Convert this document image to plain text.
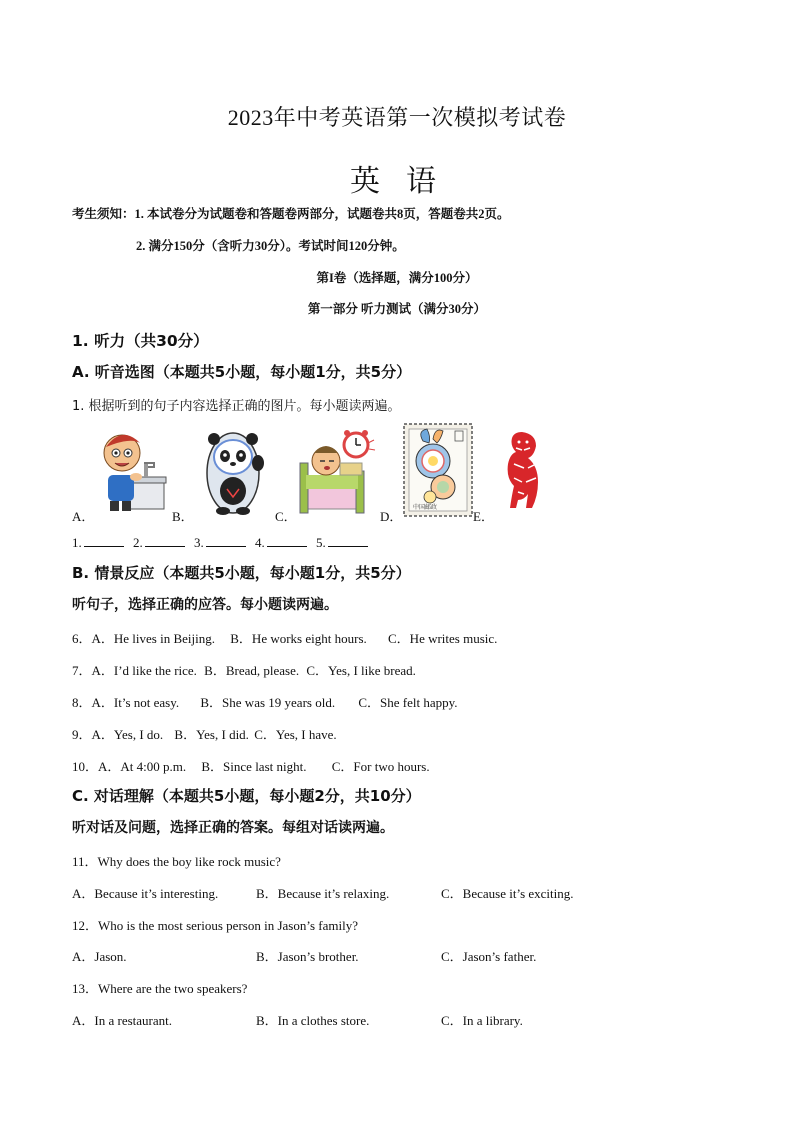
2023年中考英语第一次模拟考试卷
英语
考生须知：1. 本试卷分为试题卷和答题卷两部分，试题卷共8页，答题卷共2页。
2. 满分150分（含听力30分）。考试时间120分钟。
第I卷（选择题，满分100分）
第一部分 听力测试（满分30分）
1. 听力（共30分）
A. 听音选图（本题共5小题，每小题1分，共5分）
1. 根据听到的句子内容选择正确的图片。每小题读两遍。
A．	B．	C．
中国邮政
D．	E．
1.	2.	3.	4.	5.
B. 情景反应（本题共5小题，每小题1分，共5分）
听句子，选择正确的应答。每小题读两遍。
6．A．He lives in Beijing. B．He works eight hours. C．He writes music.
7．A．I’d like the rice. B．Bread, please. C．Yes, I like bread.
8．A．It’s not easy. B．She was 19 years old. C．She felt happy.
9．A．Yes, I do. B．Yes, I did. C．Yes, I have.
10．A．At 4:00 p.m. B．Since last night. C．For two hours.
C. 对话理解（本题共5小题，每小题2分，共10分）
听对话及问题，选择正确的答案。每组对话读两遍。
11．Why does the boy like rock music?
A．Because it’s interesting.	B．Because it’s relaxing.	C．Because it’s exciting.
12．Who is the most serious person in Jason’s family?
A．Jason.	B．Jason’s brother.	C．Jason’s father.
13．Where are the two speakers?
A．In a restaurant.	B．In a clothes store.	C．In a library.
